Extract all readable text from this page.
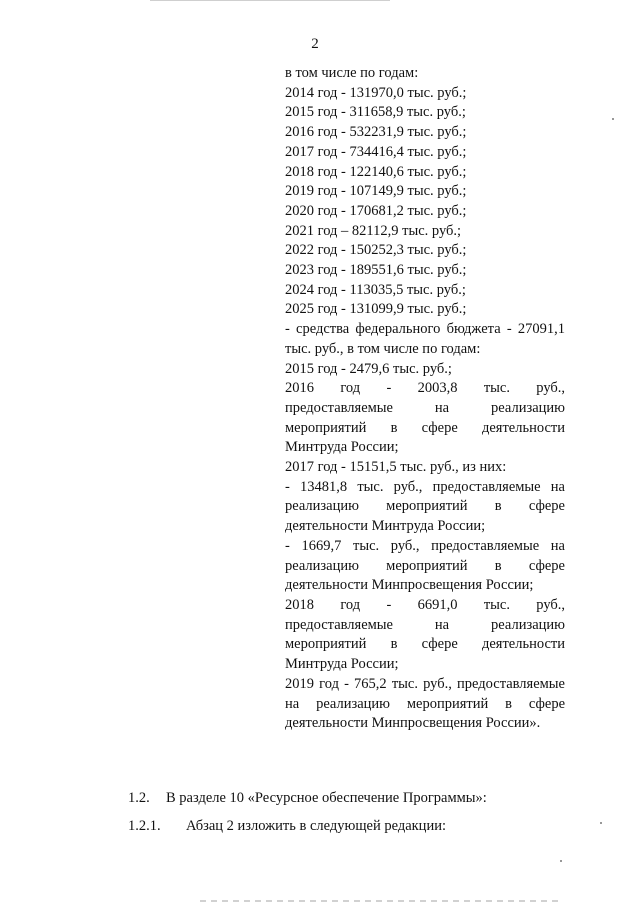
2
в том числе по годам:
2014 год - 131970,0 тыс. руб.;
2015 год - 311658,9 тыс. руб.;
2016 год - 532231,9 тыс. руб.;
2017 год - 734416,4 тыс. руб.;
2018 год - 122140,6 тыс. руб.;
2019 год - 107149,9 тыс. руб.;
2020 год - 170681,2 тыс. руб.;
2021 год – 82112,9 тыс. руб.;
2022 год - 150252,3 тыс. руб.;
2023 год - 189551,6 тыс. руб.;
2024 год - 113035,5 тыс. руб.;
2025 год - 131099,9 тыс. руб.;
- средства федерального бюджета - 27091,1
тыс. руб., в том числе по годам:
2015 год - 2479,6 тыс. руб.;
2016 год - 2003,8 тыс. руб.,
предоставляемые на реализацию
мероприятий в сфере деятельности
Минтруда России;
2017 год - 15151,5 тыс. руб., из них:
- 13481,8 тыс. руб., предоставляемые на
реализацию мероприятий в сфере
деятельности Минтруда России;
- 1669,7 тыс. руб., предоставляемые на
реализацию мероприятий в сфере
деятельности Минпросвещения России;
2018 год - 6691,0 тыс. руб.,
предоставляемые на реализацию
мероприятий в сфере деятельности
Минтруда России;
2019 год - 765,2 тыс. руб., предоставляемые
на реализацию мероприятий в сфере
деятельности Минпросвещения России».
1.2. В разделе 10 «Ресурсное обеспечение Программы»:
1.2.1. Абзац 2 изложить в следующей редакции:
